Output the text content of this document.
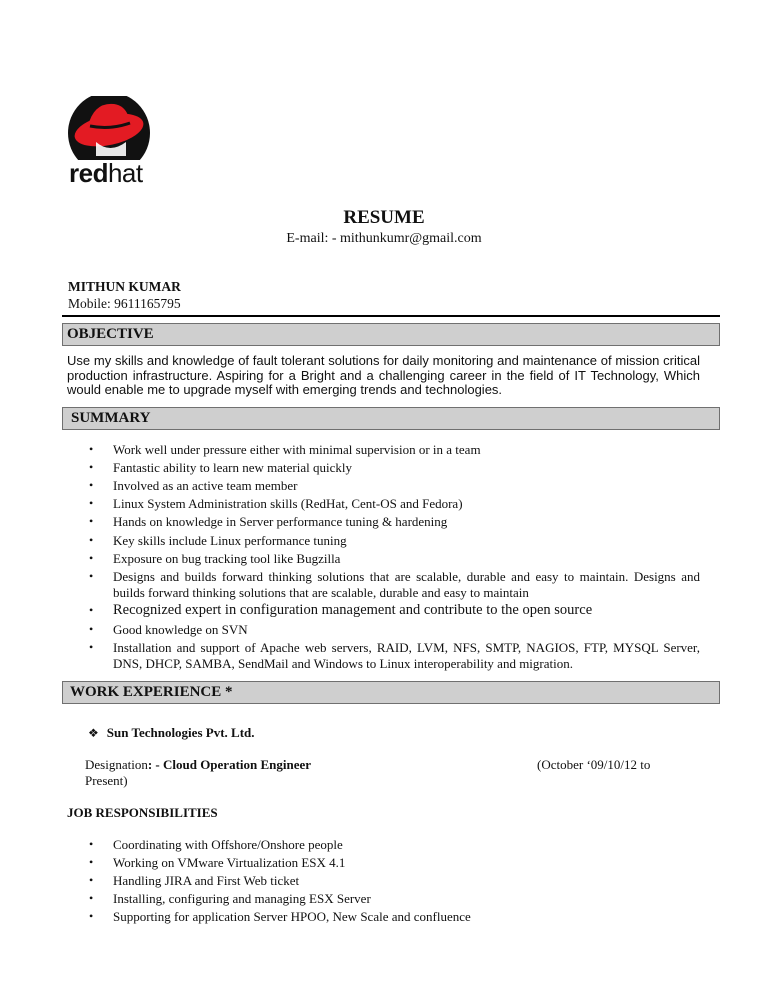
redhat
RESUME
E-mail: - mithunkumr@gmail.com
MITHUN KUMAR
Mobile: 9611165795
OBJECTIVE
Use my skills and knowledge of fault tolerant solutions for daily monitoring and maintenance of mission critical production infrastructure. Aspiring for a Bright and a challenging career in the field of IT Technology, Which would enable me to upgrade myself with emerging trends and technologies.
SUMMARY
• Work well under pressure either with minimal supervision or in a team
• Fantastic ability to learn new material quickly
• Involved as an active team member
• Linux System Administration skills (RedHat, Cent-OS and Fedora)
• Hands on knowledge in Server performance tuning & hardening
• Key skills include Linux performance tuning
• Exposure on bug tracking tool like Bugzilla
• Designs and builds forward thinking solutions that are scalable, durable and easy to maintain. Designs and builds forward thinking solutions that are scalable, durable and easy to maintain
• Recognized expert in configuration management and contribute to the open source
• Good knowledge on SVN
• Installation and support of Apache web servers, RAID, LVM, NFS, SMTP, NAGIOS, FTP, MYSQL Server, DNS, DHCP, SAMBA, SendMail and Windows to Linux interoperability and migration.
WORK EXPERIENCE *
❖ Sun Technologies Pvt. Ltd.
Designation: - Cloud Operation Engineer	(October ‘09/10/12 to
Present)
JOB RESPONSIBILITIES
• Coordinating with Offshore/Onshore people
• Working on VMware Virtualization ESX 4.1
• Handling JIRA and First Web ticket
• Installing, configuring and managing ESX Server
• Supporting for application Server HPOO, New Scale and confluence
